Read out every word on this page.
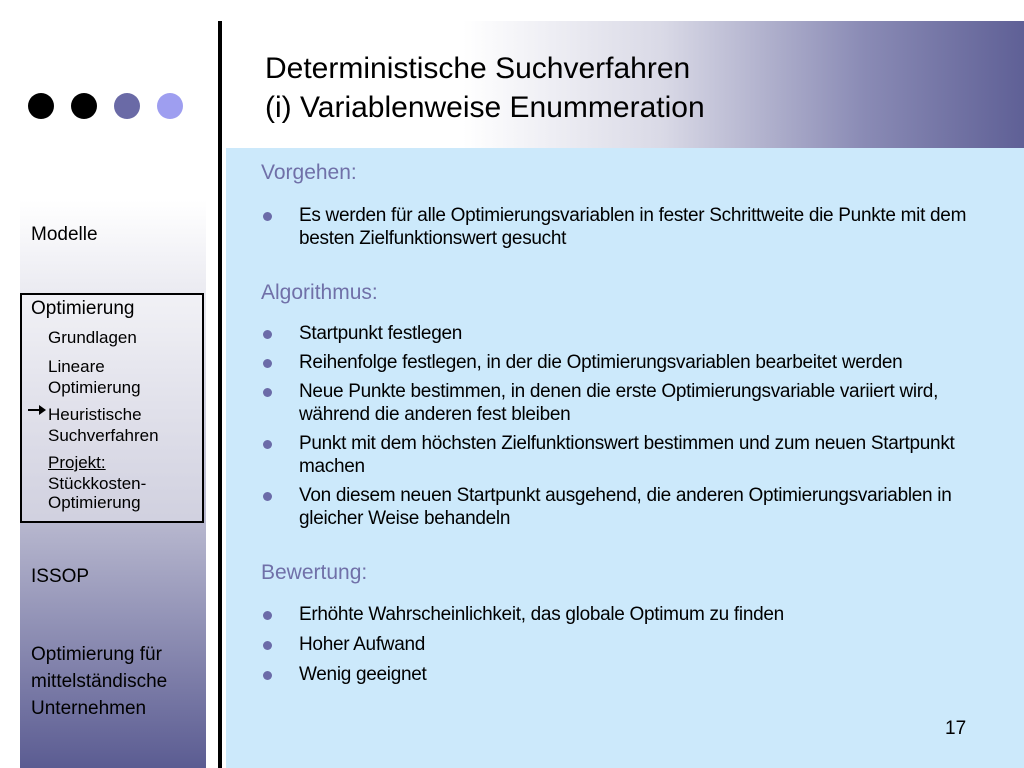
Deterministische Suchverfahren
(i) Variablenweise Enummeration
Modelle
Optimierung
Grundlagen
Lineare
Optimierung
Heuristische
Suchverfahren
Projekt:
Stückkosten-
Optimierung
ISSOP
Optimierung für
mittelständische
Unternehmen
Vorgehen:
Es werden für alle Optimierungsvariablen in fester Schrittweite die Punkte mit dem besten Zielfunktionswert gesucht
Algorithmus:
Startpunkt festlegen
Reihenfolge festlegen, in der die Optimierungsvariablen bearbeitet werden
Neue Punkte bestimmen, in denen die erste Optimierungsvariable variiert wird, während die anderen fest bleiben
Punkt mit dem höchsten Zielfunktionswert bestimmen und zum neuen Startpunkt machen
Von diesem neuen Startpunkt ausgehend, die anderen Optimierungsvariablen in gleicher Weise behandeln
Bewertung:
Erhöhte Wahrscheinlichkeit, das globale Optimum zu finden
Hoher Aufwand
Wenig geeignet
17
